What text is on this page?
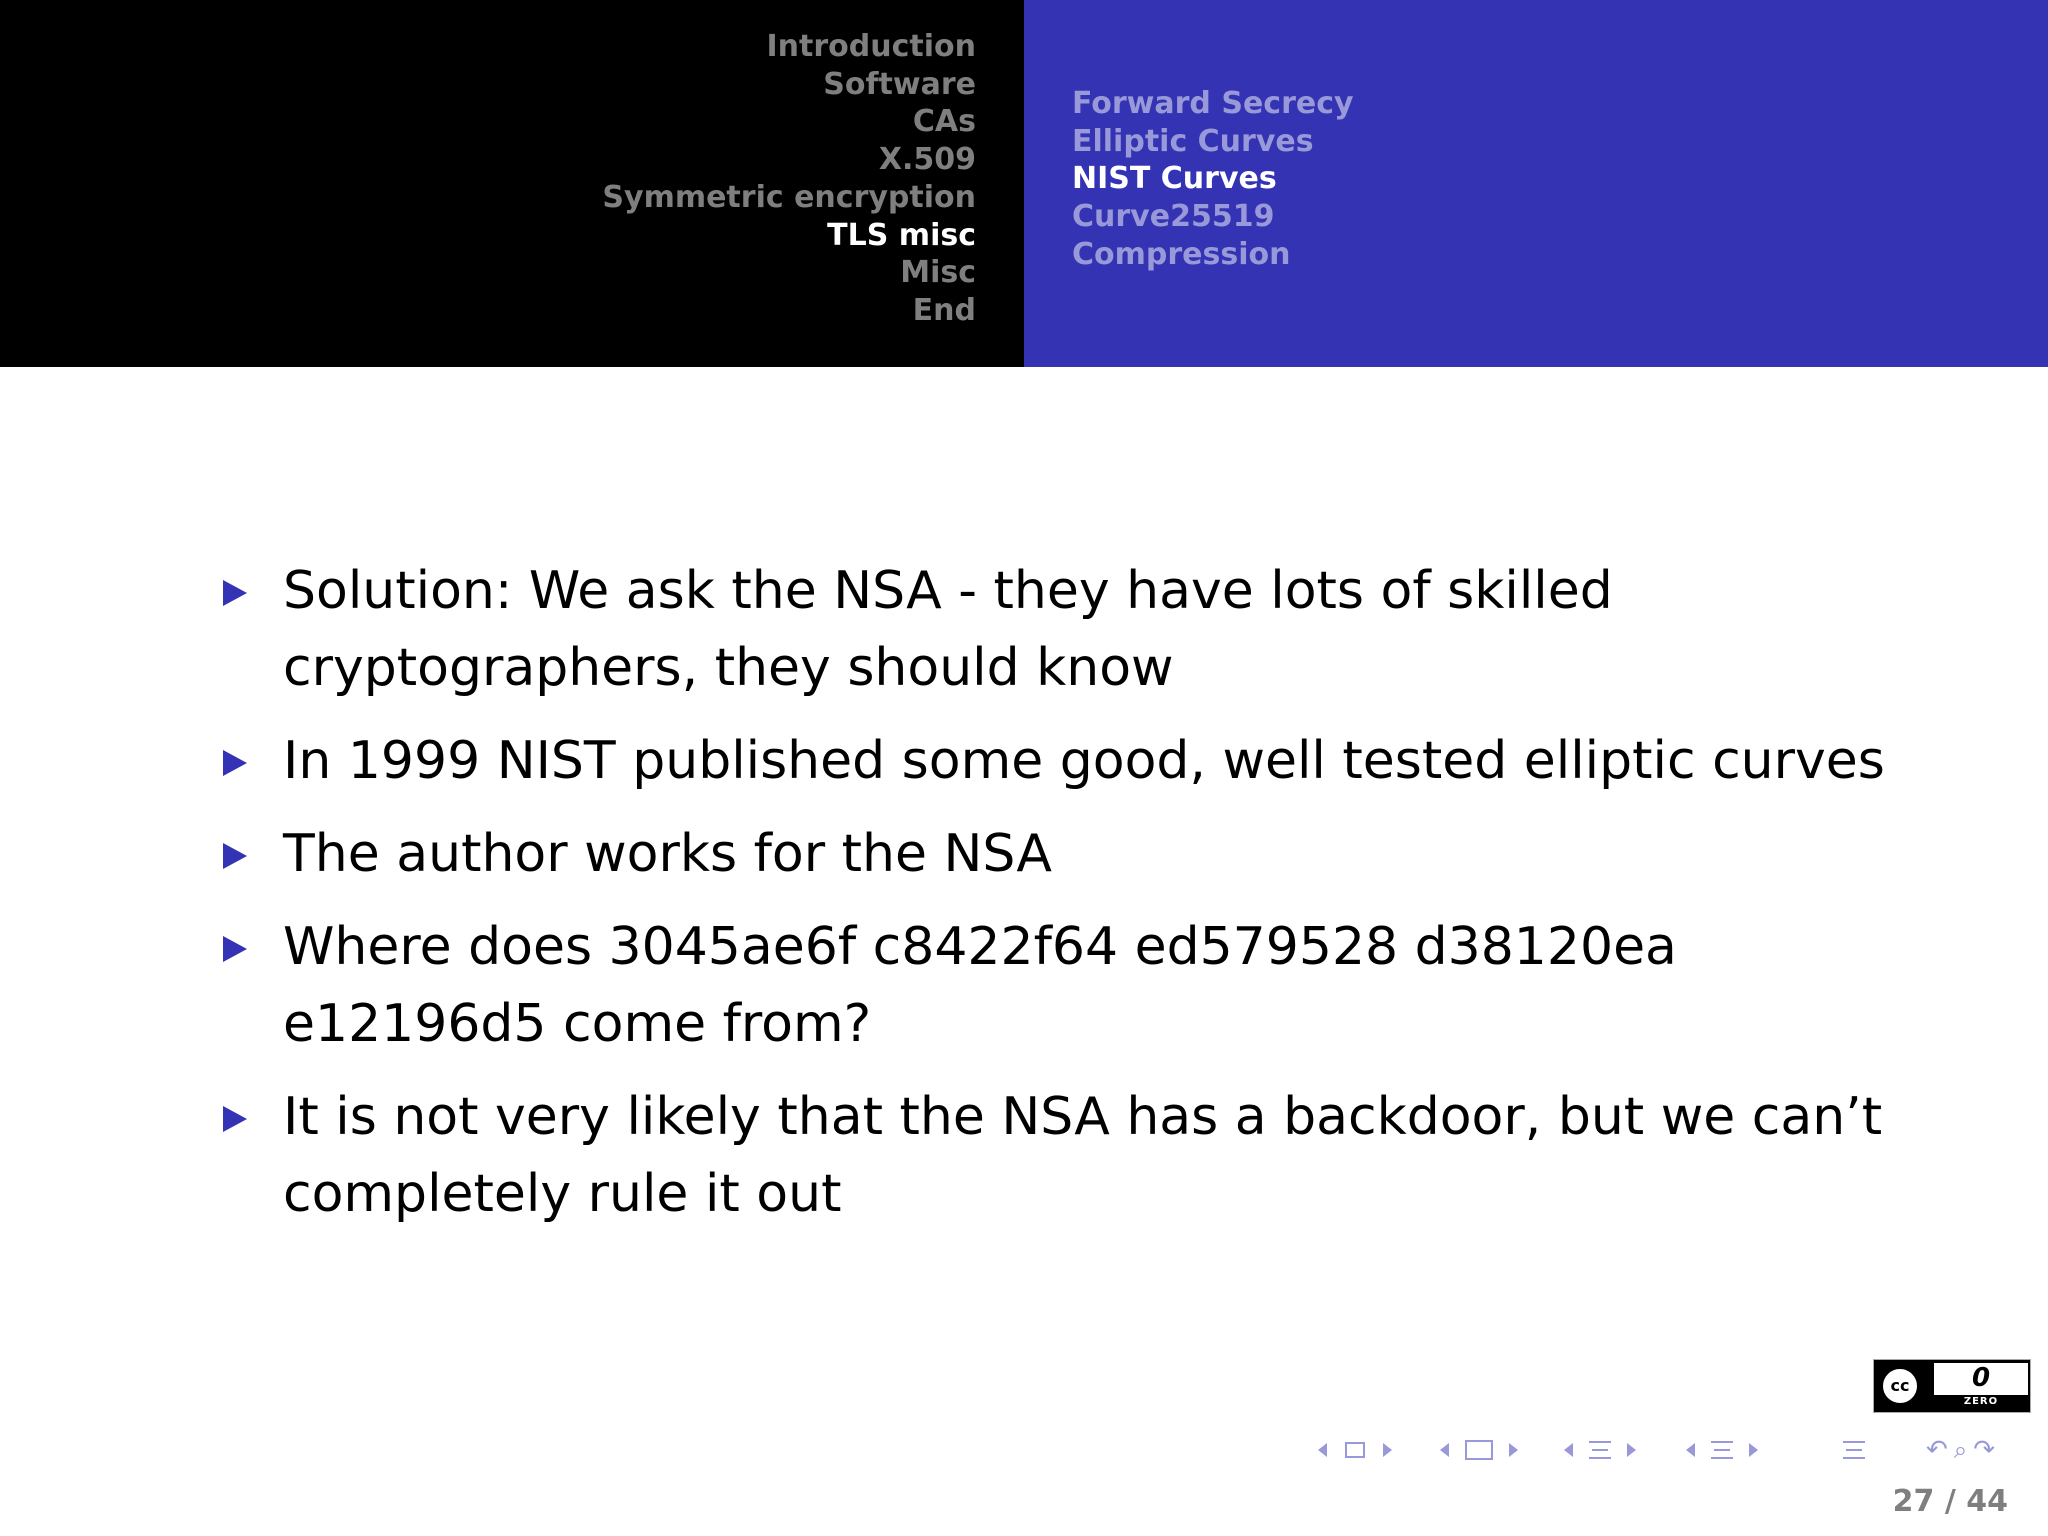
Introduction
Software
CAs
X.509
Symmetric encryption
TLS misc
Misc
End
Forward Secrecy
Elliptic Curves
NIST Curves
Curve25519
Compression
Solution: We ask the NSA - they have lots of skilled cryptographers, they should know
In 1999 NIST published some good, well tested elliptic curves
The author works for the NSA
Where does 3045ae6f c8422f64 ed579528 d38120ea e12196d5 come from?
It is not very likely that the NSA has a backdoor, but we can’t completely rule it out
cc	0
ZERO
↶ ⌕ ↷
27 / 44
